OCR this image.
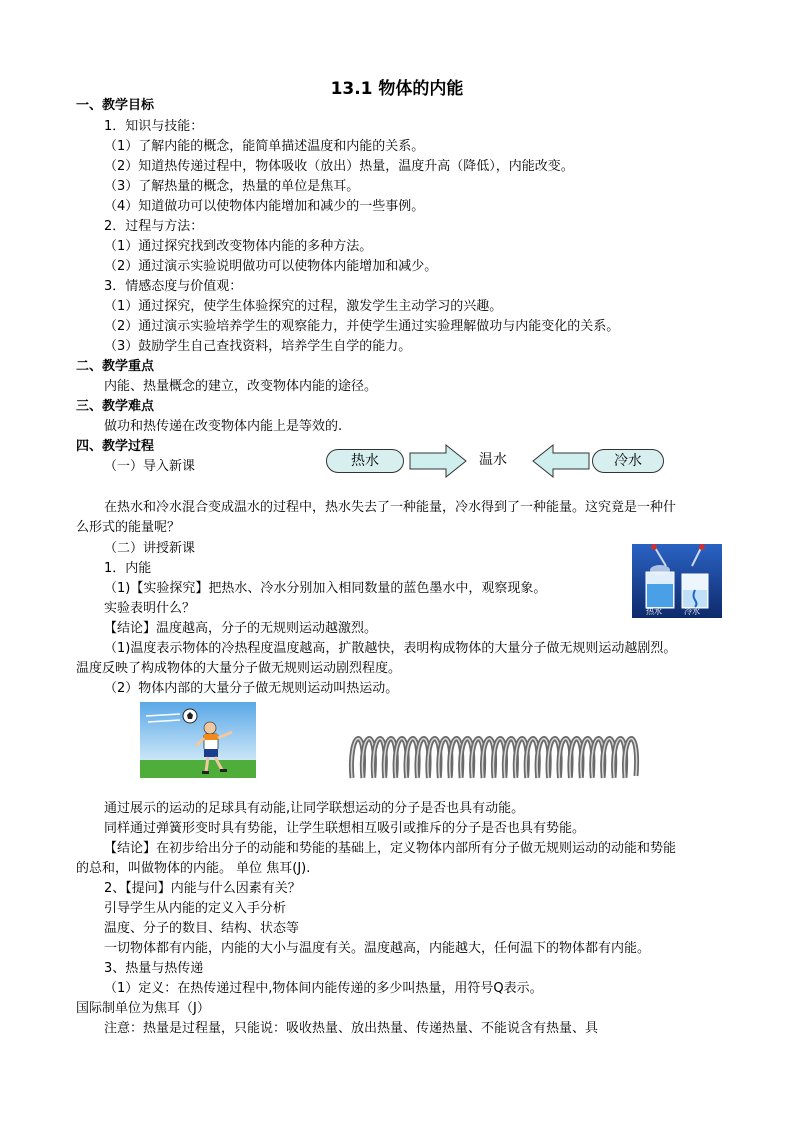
13.1 物体的内能
一、教学目标
1．知识与技能：
（1）了解内能的概念，能简单描述温度和内能的关系。
（2）知道热传递过程中，物体吸收（放出）热量，温度升高（降低），内能改变。
（3）了解热量的概念，热量的单位是焦耳。
（4）知道做功可以使物体内能增加和减少的一些事例。
2．过程与方法：
（1）通过探究找到改变物体内能的多种方法。
（2）通过演示实验说明做功可以使物体内能增加和减少。
3．情感态度与价值观：
（1）通过探究，使学生体验探究的过程，激发学生主动学习的兴趣。
（2）通过演示实验培养学生的观察能力，并使学生通过实验理解做功与内能变化的关系。
（3）鼓励学生自己查找资料，培养学生自学的能力。
二、教学重点
内能、热量概念的建立，改变物体内能的途径。
三、教学难点
做功和热传递在改变物体内能上是等效的.
四、教学过程
（一）导入新课	热水	温水	冷水
在热水和冷水混合变成温水的过程中，热水失去了一种能量，冷水得到了一种能量。这究竟是一种什
么形式的能量呢？
（二）讲授新课
1．内能
（1)【实验探究】把热水、冷水分别加入相同数量的蓝色墨水中，观察现象。
实验表明什么？
【结论】温度越高，分子的无规则运动越激烈。
（1)温度表示物体的冷热程度温度越高，扩散越快，表明构成物体的大量分子做无规则运动越剧烈。
温度反映了构成物体的大量分子做无规则运动剧烈程度。
（2）物体内部的大量分子做无规则运动叫热运动。
热水	冷水
通过展示的运动的足球具有动能,让同学联想运动的分子是否也具有动能。
同样通过弹簧形变时具有势能，让学生联想相互吸引或推斥的分子是否也具有势能。
【结论】在初步给出分子的动能和势能的基础上，定义物体内部所有分子做无规则运动的动能和势能
的总和，叫做物体的内能。 单位 焦耳(J).
2、【提问】内能与什么因素有关？
引导学生从内能的定义入手分析
温度、分子的数目、结构、状态等
一切物体都有内能，内能的大小与温度有关。温度越高，内能越大，任何温下的物体都有内能。
3、热量与热传递
（1）定义：在热传递过程中,物体间内能传递的多少叫热量，用符号Q表示。
国际制单位为焦耳（J）
注意：热量是过程量，只能说：吸收热量、放出热量、传递热量、不能说含有热量、具
